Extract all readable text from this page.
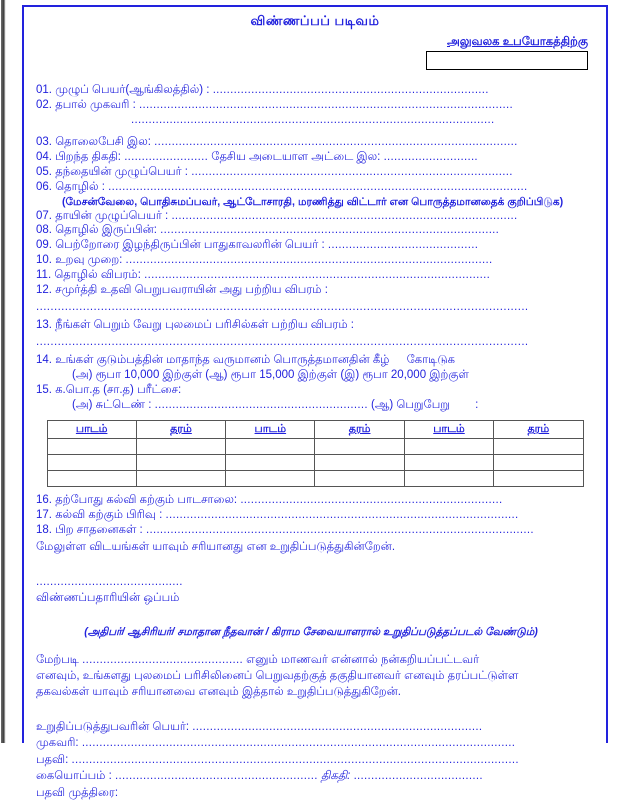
விண்ணப்பப் படிவம்
அலுவலக உபயோகத்திற்கு
01. முழுப் பெயர்(ஆங்கிலத்தில்) : ...............................................................................
02. தபால் முகவரி : ...........................................................................................................
........................................................................................................
03. தொலைபேசி இல: ........................................................................................................
04. பிறந்த திகதி: ........................ தேசிய அடையாள அட்டை இல: ...........................
05. தந்தையின் முழுப்பெயர் : ............................................................................................
06. தொழில் : ........................................................................................................................
(மேசன்வேலை, பொதிசுமப்பவர், ஆட்டோசாரதி, மரணித்து விட்டார் என பொருத்தமானதைக் குறிப்பிடுக)
07. தாயின் முழுப்பெயர் : ...................................................................................................
08. தொழில் இருப்பின்: .................................................................................................
09. பெற்றோரை இழந்திருப்பின் பாதுகாவலரின் பெயர் : ...........................................
10. உறவு முறை: .........................................................................................................
11. தொழில் விபரம்: ...................................................................................................
12. சமுர்த்தி உதவி பெறுபவராயின் அது பற்றிய விபரம் :
.........................................................................................................................................
13. நீங்கள் பெறும் வேறு புலமைப் பரிசில்கள் பற்றிய விபரம் :
.........................................................................................................................................
14. உங்கள் குடும்பத்தின் மாதாந்த வருமானம் பொருத்தமானதின் கீழ் கோடிடுக
(அ) ரூபா 10,000 இற்குள் (ஆ) ரூபா 15,000 இற்குள் (இ) ரூபா 20,000 இற்குள்
15. க.பொ.த (சா.த) பரீட்சை:
(அ) சுட்டெண் : ............................................................. (ஆ) பெறுபேறு :
பாடம்	தரம்	பாடம்	தரம்	பாடம்	தரம்

16. தற்போது கல்வி கற்கும் பாடசாலை: ...........................................................................
17. கல்வி கற்கும் பிரிவு : .....................................................................................................
18. பிற சாதனைகள் : ...............................................................................................................
மேலுள்ள விடயங்கள் யாவும் சரியானது என உறுதிப்படுத்துகின்றேன்.
..........................................
விண்ணப்பதாரியின் ஒப்பம்
(அதிபர்/ ஆசிரியர்/ சமாதான நீதவான் / கிராம சேவையாளரால் உறுதிப்படுத்தப்படல் வேண்டும்)
மேற்படி .............................................. எனும் மாணவர் என்னால் நன்கறியப்பட்டவர்
எனவும், உங்களது புலமைப் பரிசிலினைப் பெறுவதற்குத் தகுதியானவர் எனவும் தரப்பட்டுள்ள
தகவல்கள் யாவும் சரியானவை எனவும் இத்தால் உறுதிப்படுத்துகிறேன்.
உறுதிப்படுத்துபவரின் பெயர்: ...................................................................................
முகவரி: ............................................................................................................................
பதவி: ................................................................................................................................
கையொப்பம் : .......................................................... திகதி: .....................................
பதவி முத்திரை:
